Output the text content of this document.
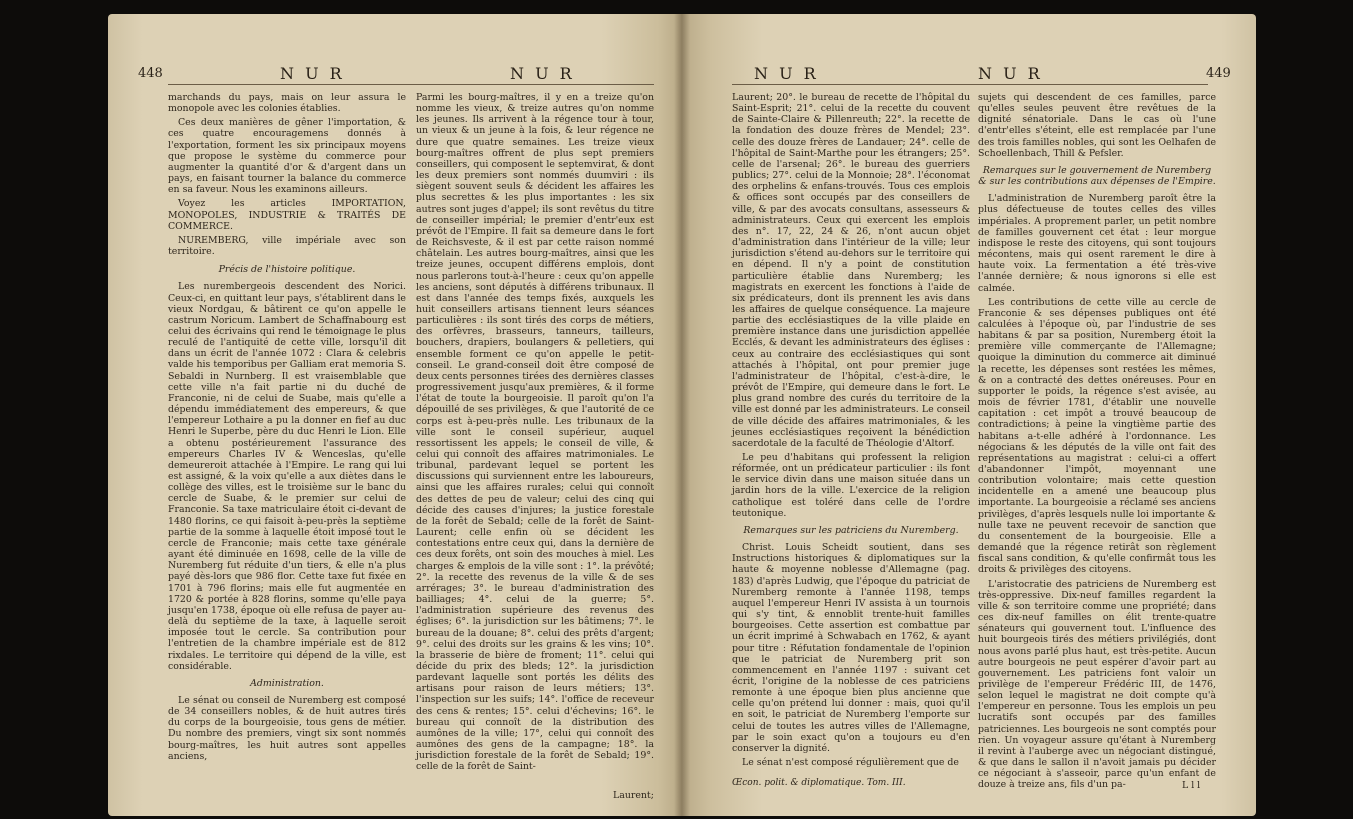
448	N U R	N U R

marchands du pays, mais on leur assura le monopole avec les colonies établies.

Ces deux manières de gêner l'importation, & ces quatre encouragemens donnés à l'exportation, forment les six principaux moyens que propose le système du commerce pour augmenter la quantité d'or & d'argent dans un pays, en faisant tourner la balance du commerce en sa faveur. Nous les examinons ailleurs.

Voyez les articles IMPORTATION, MONOPOLES, INDUSTRIE & TRAITÉS DE COMMERCE.

NUREMBERG, ville impériale avec son territoire.

Précis de l'histoire politique.

Les nurembergeois descendent des Norici. Ceux-ci, en quittant leur pays, s'établirent dans le vieux Nordgau, & bâtirent ce qu'on appelle le castrum Noricum. Lambert de Schaffnabourg est celui des écrivains qui rend le témoignage le plus reculé de l'antiquité de cette ville, lorsqu'il dit dans un écrit de l'année 1072 : Clara & celebris valde his temporibus per Galliam erat memoria S. Sebaldi in Nurnberg. Il est vraisemblable que cette ville n'a fait partie ni du duché de Franconie, ni de celui de Suabe, mais qu'elle a dépendu immédiatement des empereurs, & que l'empereur Lothaire a pu la donner en fief au duc Henri le Superbe, père du duc Henri le Lion. Elle a obtenu postérieurement l'assurance des empereurs Charles IV & Wenceslas, qu'elle demeureroit attachée à l'Empire. Le rang qui lui est assigné, & la voix qu'elle a aux diètes dans le collège des villes, est le troisième sur le banc du cercle de Suabe, & le premier sur celui de Franconie. Sa taxe matriculaire étoit ci-devant de 1480 florins, ce qui faisoit à-peu-près la septième partie de la somme à laquelle étoit imposé tout le cercle de Franconie; mais cette taxe générale ayant été diminuée en 1698, celle de la ville de Nuremberg fut réduite d'un tiers, & elle n'a plus payé dès-lors que 986 flor. Cette taxe fut fixée en 1701 à 796 florins; mais elle fut augmentée en 1720 & portée à 828 florins, somme qu'elle paya jusqu'en 1738, époque où elle refusa de payer au-delà du septième de la taxe, à laquelle seroit imposée tout le cercle. Sa contribution pour l'entretien de la chambre impériale est de 812 rixdales. Le territoire qui dépend de la ville, est considérable.

Administration.

Le sénat ou conseil de Nuremberg est composé de 34 conseillers nobles, & de huit autres tirés du corps de la bourgeoisie, tous gens de métier. Du nombre des premiers, vingt six sont nommés bourg-maîtres, les huit autres sont appelles anciens,

Parmi les bourg-maîtres, il y en a treize qu'on nomme les vieux, & treize autres qu'on nomme les jeunes. Ils arrivent à la régence tour à tour, un vieux & un jeune à la fois, & leur régence ne dure que quatre semaines. Les treize vieux bourg-maîtres offrent de plus sept premiers conseillers, qui composent le septemvirat, & dont les deux premiers sont nommés duumviri : ils siègent souvent seuls & décident les affaires les plus secrettes & les plus importantes : les six autres sont juges d'appel; ils sont revêtus du titre de conseiller impérial; le premier d'entr'eux est prévôt de l'Empire. Il fait sa demeure dans le fort de Reichsveste, & il est par cette raison nommé châtelain. Les autres bourg-maîtres, ainsi que les treize jeunes, occupent différens emplois, dont nous parlerons tout-à-l'heure : ceux qu'on appelle les anciens, sont députés à différens tribunaux. Il est dans l'année des temps fixés, auxquels les huit conseillers artisans tiennent leurs séances particulières : ils sont tirés des corps de métiers, des orfèvres, brasseurs, tanneurs, tailleurs, bouchers, drapiers, boulangers & pelletiers, qui ensemble forment ce qu'on appelle le petit-conseil. Le grand-conseil doit être composé de deux cents personnes tirées des dernières classes progressivement jusqu'aux premières, & il forme l'état de toute la bourgeoisie. Il paroît qu'on l'a dépouillé de ses privilèges, & que l'autorité de ce corps est à-peu-près nulle. Les tribunaux de la ville sont le conseil supérieur, auquel ressortissent les appels; le conseil de ville, & celui qui connoît des affaires matrimoniales. Le tribunal, pardevant lequel se portent les discussions qui surviennent entre les laboureurs, ainsi que les affaires rurales; celui qui connoît des dettes de peu de valeur; celui des cinq qui décide des causes d'injures; la justice forestale de la forêt de Sebald; celle de la forêt de Saint-Laurent; celle enfin où se décident les contestations entre ceux qui, dans la dernière de ces deux forêts, ont soin des mouches à miel. Les charges & emplois de la ville sont : 1°. la prévôté; 2°. la recette des revenus de la ville & de ses arrérages; 3°. le bureau d'administration des bailliages; 4°. celui de la guerre; 5°. l'administration supérieure des revenus des églises; 6°. la jurisdiction sur les bâtimens; 7°. le bureau de la douane; 8°. celui des prêts d'argent; 9°. celui des droits sur les grains & les vins; 10°. la brasserie de bière de froment; 11°. celui qui décide du prix des bleds; 12°. la jurisdiction pardevant laquelle sont portés les délits des artisans pour raison de leurs métiers; 13°. l'inspection sur les suifs; 14°. l'office de receveur des cens & rentes; 15°. celui d'échevins; 16°. le bureau qui connoît de la distribution des aumônes de la ville; 17°, celui qui connoît des aumônes des gens de la campagne; 18°. la jurisdiction forestale de la forêt de Sebald; 19°. celle de la forêt de Saint-

Laurent;
N U R	N U R	449

Laurent; 20°. le bureau de recette de l'hôpital du Saint-Esprit; 21°. celui de la recette du couvent de Sainte-Claire & Pillenreuth; 22°. la recette de la fondation des douze frères de Mendel; 23°. celle des douze frères de Landauer; 24°. celle de l'hôpital de Saint-Marthe pour les étrangers; 25°. celle de l'arsenal; 26°. le bureau des guerriers publics; 27°. celui de la Monnoie; 28°. l'économat des orphelins & enfans-trouvés. Tous ces emplois & offices sont occupés par des conseillers de ville, & par des avocats consultans, assesseurs & administrateurs. Ceux qui exercent les emplois des n°. 17, 22, 24 & 26, n'ont aucun objet d'administration dans l'intérieur de la ville; leur jurisdiction s'étend au-dehors sur le territoire qui en dépend. Il n'y a point de constitution particulière établie dans Nuremberg; les magistrats en exercent les fonctions à l'aide de six prédicateurs, dont ils prennent les avis dans les affaires de quelque conséquence. La majeure partie des ecclésiastiques de la ville plaide en première instance dans une jurisdiction appellée Ecclés, & devant les administrateurs des églises : ceux au contraire des ecclésiastiques qui sont attachés à l'hôpital, ont pour premier juge l'administrateur de l'hôpital, c'est-à-dire, le prévôt de l'Empire, qui demeure dans le fort. Le plus grand nombre des curés du territoire de la ville est donné par les administrateurs. Le conseil de ville décide des affaires matrimoniales, & les jeunes ecclésiastiques reçoivent la bénédiction sacerdotale de la faculté de Théologie d'Altorf.

Le peu d'habitans qui professent la religion réformée, ont un prédicateur particulier : ils font le service divin dans une maison située dans un jardin hors de la ville. L'exercice de la religion catholique est toléré dans celle de l'ordre teutonique.

Remarques sur les patriciens du Nuremberg.

Christ. Louis Scheidt soutient, dans ses Instructions historiques & diplomatiques sur la haute & moyenne noblesse d'Allemagne (pag. 183) d'après Ludwig, que l'époque du patriciat de Nuremberg remonte à l'année 1198, temps auquel l'empereur Henri IV assista à un tournois qui s'y tint, & ennoblit trente-huit familles bourgeoises. Cette assertion est combattue par un écrit imprimé à Schwabach en 1762, & ayant pour titre : Réfutation fondamentale de l'opinion que le patriciat de Nuremberg prit son commencement en l'année 1197 : suivant cet écrit, l'origine de la noblesse de ces patriciens remonte à une époque bien plus ancienne que celle qu'on prétend lui donner : mais, quoi qu'il en soit, le patriciat de Nuremberg l'emporte sur celui de toutes les autres villes de l'Allemagne, par le soin exact qu'on a toujours eu d'en conserver la dignité.

Le sénat n'est composé régulièrement que de

Œcon. polit. & diplomatique. Tom. III.

sujets qui descendent de ces familles, parce qu'elles seules peuvent être revêtues de la dignité sénatoriale. Dans le cas où l'une d'entr'elles s'éteint, elle est remplacée par l'une des trois familles nobles, qui sont les Oelhafen de Schoellenbach, Thill & Pefsler.

Remarques sur le gouvernement de Nuremberg & sur les contributions aux dépenses de l'Empire.

L'administration de Nuremberg paroît être la plus défectueuse de toutes celles des villes impériales. A proprement parler, un petit nombre de familles gouvernent cet état : leur morgue indispose le reste des citoyens, qui sont toujours mécontens, mais qui osent rarement le dire à haute voix. La fermentation a été très-vive l'année dernière; & nous ignorons si elle est calmée.

Les contributions de cette ville au cercle de Franconie & ses dépenses publiques ont été calculées à l'époque où, par l'industrie de ses habitans & par sa position, Nuremberg étoit la première ville commerçante de l'Allemagne; quoique la diminution du commerce ait diminué la recette, les dépenses sont restées les mêmes, & on a contracté des dettes onéreuses. Pour en supporter le poids, la régence s'est avisée, au mois de février 1781, d'établir une nouvelle capitation : cet impôt a trouvé beaucoup de contradictions; à peine la vingtième partie des habitans a-t-elle adhéré à l'ordonnance. Les négocians & les députés de la ville ont fait des représentations au magistrat : celui-ci a offert d'abandonner l'impôt, moyennant une contribution volontaire; mais cette question incidentelle en a amené une beaucoup plus importante. La bourgeoisie a réclamé ses anciens privilèges, d'après lesquels nulle loi importante & nulle taxe ne peuvent recevoir de sanction que du consentement de la bourgeoisie. Elle a demandé que la régence retirât son règlement fiscal sans condition, & qu'elle confirmât tous les droits & privilèges des citoyens.

L'aristocratie des patriciens de Nuremberg est très-oppressive. Dix-neuf familles regardent la ville & son territoire comme une propriété; dans ces dix-neuf familles on élit trente-quatre sénateurs qui gouvernent tout. L'influence des huit bourgeois tirés des métiers privilégiés, dont nous avons parlé plus haut, est très-petite. Aucun autre bourgeois ne peut espérer d'avoir part au gouvernement. Les patriciens font valoir un privilège de l'empereur Frédéric III, de 1476, selon lequel le magistrat ne doit compte qu'à l'empereur en personne. Tous les emplois un peu lucratifs sont occupés par des familles patriciennes. Les bourgeois ne sont comptés pour rien. Un voyageur assure qu'étant à Nuremberg il revint à l'auberge avec un négociant distingué, & que dans le sallon il n'avoit jamais pu décider ce négociant à s'asseoir, parce qu'un enfant de douze à treize ans, fils d'un pa-	L l l
